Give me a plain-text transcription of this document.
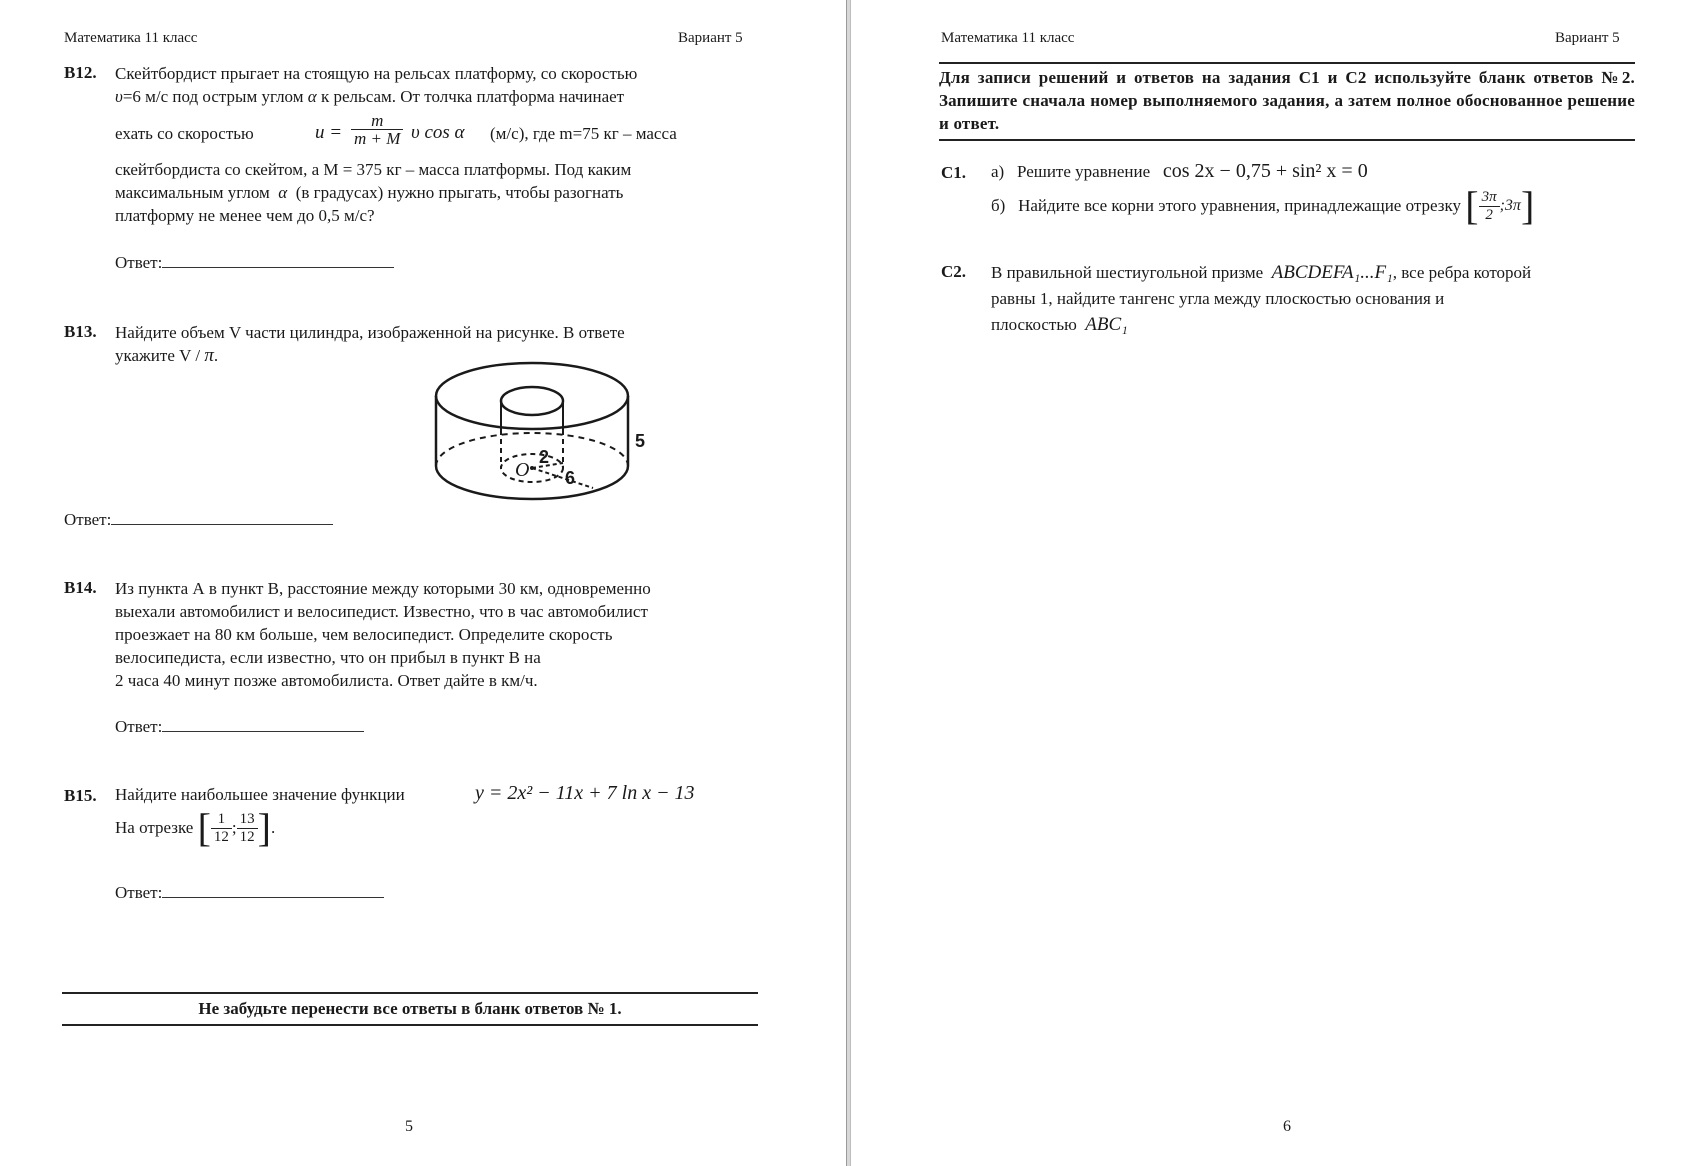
Математика 11 класс	Вариант 5
В12. Скейтбордист прыгает на стоящую на рельсах платформу, со скоростью
υ=6 м/с под острым углом α к рельсам. От толчка платформа начинает
ехать со скоростью	$u = \frac{m}{m + M}$ υ cos α (м/с), где m=75 кг – масса
скейтбордиста со скейтом, а M = 375 кг – масса платформы. Под каким
максимальным углом α (в градусах) нужно прыгать, чтобы разогнать
платформу не менее чем до 0,5 м/с?
Ответ:
В13. Найдите объем V части цилиндра, изображенной на рисунке. В ответе
укажите V / π.
O
2
6
5
Ответ:
В14. Из пункта А в пункт В, расстояние между которыми 30 км, одновременно
выехали автомобилист и велосипедист. Известно, что в час автомобилист
проезжает на 80 км больше, чем велосипедист. Определите скорость
велосипедиста, если известно, что он прибыл в пункт В на
2 часа 40 минут позже автомобилиста. Ответ дайте в км/ч.
Ответ:
В15. Найдите наибольшее значение функции	y = 2x² − 11x + 7 ln x − 13
На отрезке [ $\frac{1}{12}$ ; $\frac{13}{12}$ ].
Ответ:
Не забудьте перенести все ответы в бланк ответов № 1.
5
Математика 11 класс	Вариант 5
Для записи решений и ответов на задания С1 и С2 используйте бланк ответов №2. Запишите сначала номер выполняемого задания, а затем полное обоснованное решение и ответ.
С1. а) Решите уравнение cos 2x − 0,75 + sin² x = 0
б) Найдите все корни этого уравнения, принадлежащие отрезку [ $\frac{3\pi}{2}$ ;3π]
С2. В правильной шестиугольной призме ABCDEFA₁...F₁, все ребра которой
равны 1, найдите тангенс угла между плоскостью основания и
плоскостью ABC₁
6
